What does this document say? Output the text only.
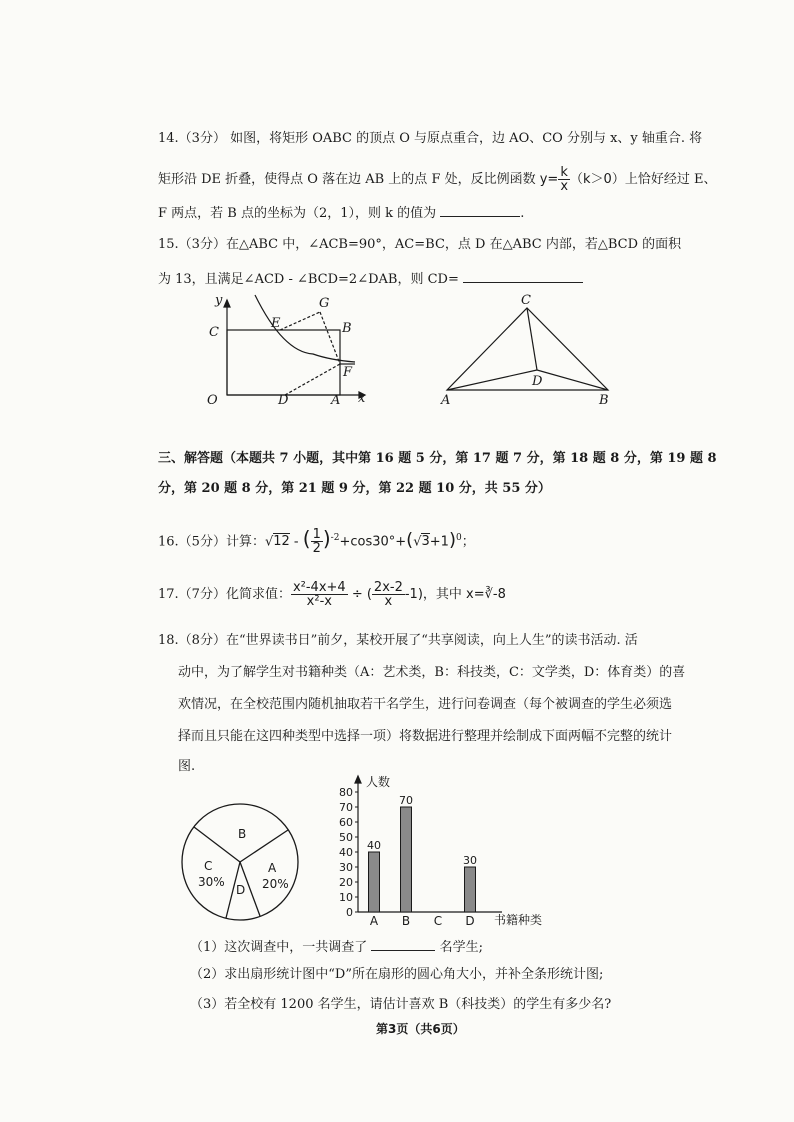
14.（3分） 如图，将矩形 OABC 的顶点 O 与原点重合，边 AO、CO 分别与 x、y 轴重合. 将
矩形沿 DE 折叠，使得点 O 落在边 AB 上的点 F 处，反比例函数 $y= \frac{k}{x} (k>0)$上恰好经过 E、
F 两点，若 B 点的坐标为（2，1），则 k 的值为	.
15.（3分）在△ABC 中，∠ACB=90°，AC=BC，点 D 在△ABC 内部，若△BCD 的面积
为 13，且满足∠ACD - ∠BCD=2∠DAB，则 CD=
y
x
O
C
E
G
B
F
D	A
C
D
A	B
三、解答题（本题共 7 小题，其中第 16 题 5 分，第 17 题 7 分，第 18 题 8 分，第 19 题 8
分，第 20 题 8 分，第 21 题 9 分，第 22 题 10 分，共 55 分）
16.（5分）计算：√12 - ( $\frac{1}{2} )^{-2}+\cos 30^\circ+(√3+1)^0$；
17.（7分）化简求值： $\frac{\text{x²-4x+4}}{\text{x²-x}}$ ÷ ( $\frac{2x-2}{x} -1$)，其中 x=∛-8
18.（8分）在“世界读书日”前夕，某校开展了“共享阅读，向上人生”的读书活动. 活
动中，为了解学生对书籍种类（A：艺术类，B：科技类，C：文学类，D：体育类）的喜
欢情况，在全校范围内随机抽取若干名学生，进行问卷调查（每个被调查的学生必须选
择而且只能在这四种类型中选择一项）将数据进行整理并绘制成下面两幅不完整的统计
图.
B
C
30%
D
A
20%
人数
书籍种类
0
10
20
30
40
50
60
70
80
A
40
B
70
C D
30
（1）这次调查中，一共调查了	名学生;
（2）求出扇形统计图中“D”所在扇形的圆心角大小，并补全条形统计图;
（3）若全校有 1200 名学生，请估计喜欢 B（科技类）的学生有多少名?
第3页（共6页）
